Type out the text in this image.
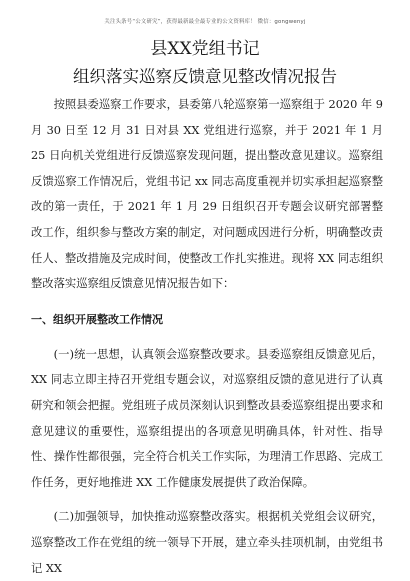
关注头条号“公文研究”，获得最新最全最专业的公文资料库！ 微信：gongwenyj
县XX党组书记
组织落实巡察反馈意见整改情况报告

按照县委巡察工作要求，县委第八轮巡察第一巡察组于 2020 年 9 月 30 日至 12 月 31 日对县 XX 党组进行巡察，并于 2021 年 1 月 25 日向机关党组进行反馈巡察发现问题，提出整改意见建议。巡察组反馈巡察工作情况后，党组书记 xx 同志高度重视并切实承担起巡察整改的第一责任，于 2021 年 1 月 29 日组织召开专题会议研究部署整改工作，组织参与整改方案的制定，对问题成因进行分析，明确整改责任人、整改措施及完成时间，使整改工作扎实推进。现将 XX 同志组织整改落实巡察组反馈意见情况报告如下：

一、组织开展整改工作情况

(一)统一思想，认真领会巡察整改要求。县委巡察组反馈意见后，XX 同志立即主持召开党组专题会议，对巡察组反馈的意见进行了认真研究和领会把握。党组班子成员深刻认识到整改县委巡察组提出要求和意见建议的重要性，巡察组提出的各项意见明确具体，针对性、指导性、操作性都很强，完全符合机关工作实际，为理清工作思路、完成工作任务，更好地推进 XX 工作健康发展提供了政治保障。

(二)加强领导，加快推动巡察整改落实。根据机关党组会议研究，巡察整改工作在党组的统一领导下开展，建立牵头挂项机制，由党组书记 XX
